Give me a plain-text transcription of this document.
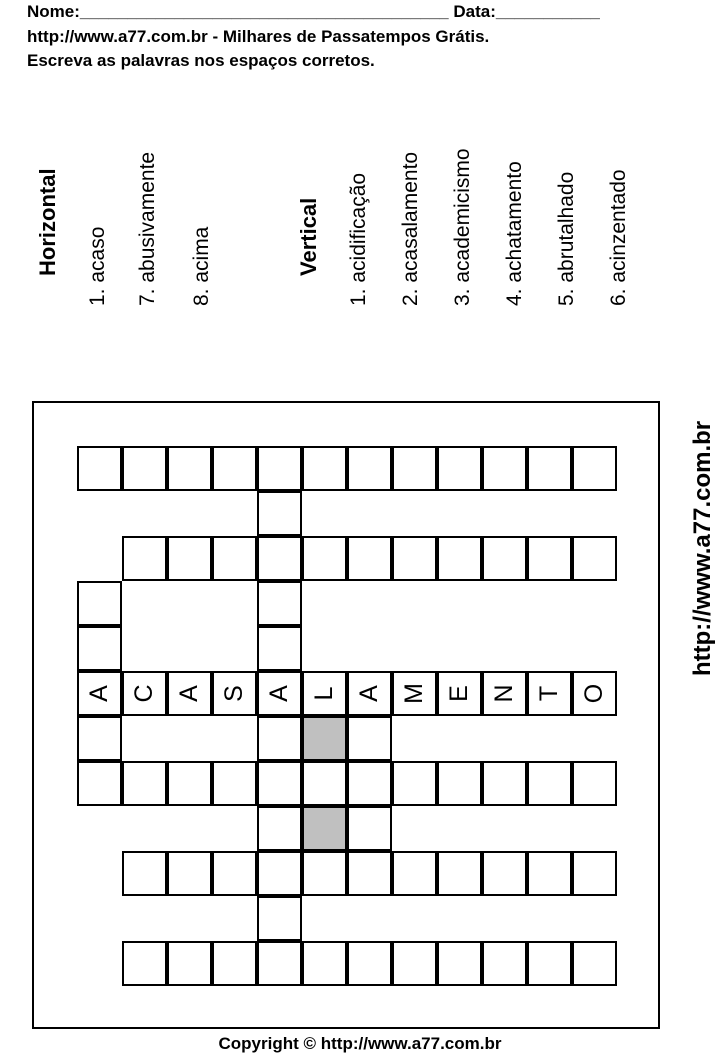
Nome:_______________________________________ Data:___________
http://www.a77.com.br - Milhares de Passatempos Grátis.
Escreva as palavras nos espaços corretos.
Horizontal 1. acaso 7. abusivamente 8. acima	Vertical 1. acidificação 2. acasalamento 3. academicismo 4. achatamento 5. abrutalhado 6. acinzentado
http://www.a77.com.br
Copyright © http://www.a77.com.br
A C A S A L A M E N T O
